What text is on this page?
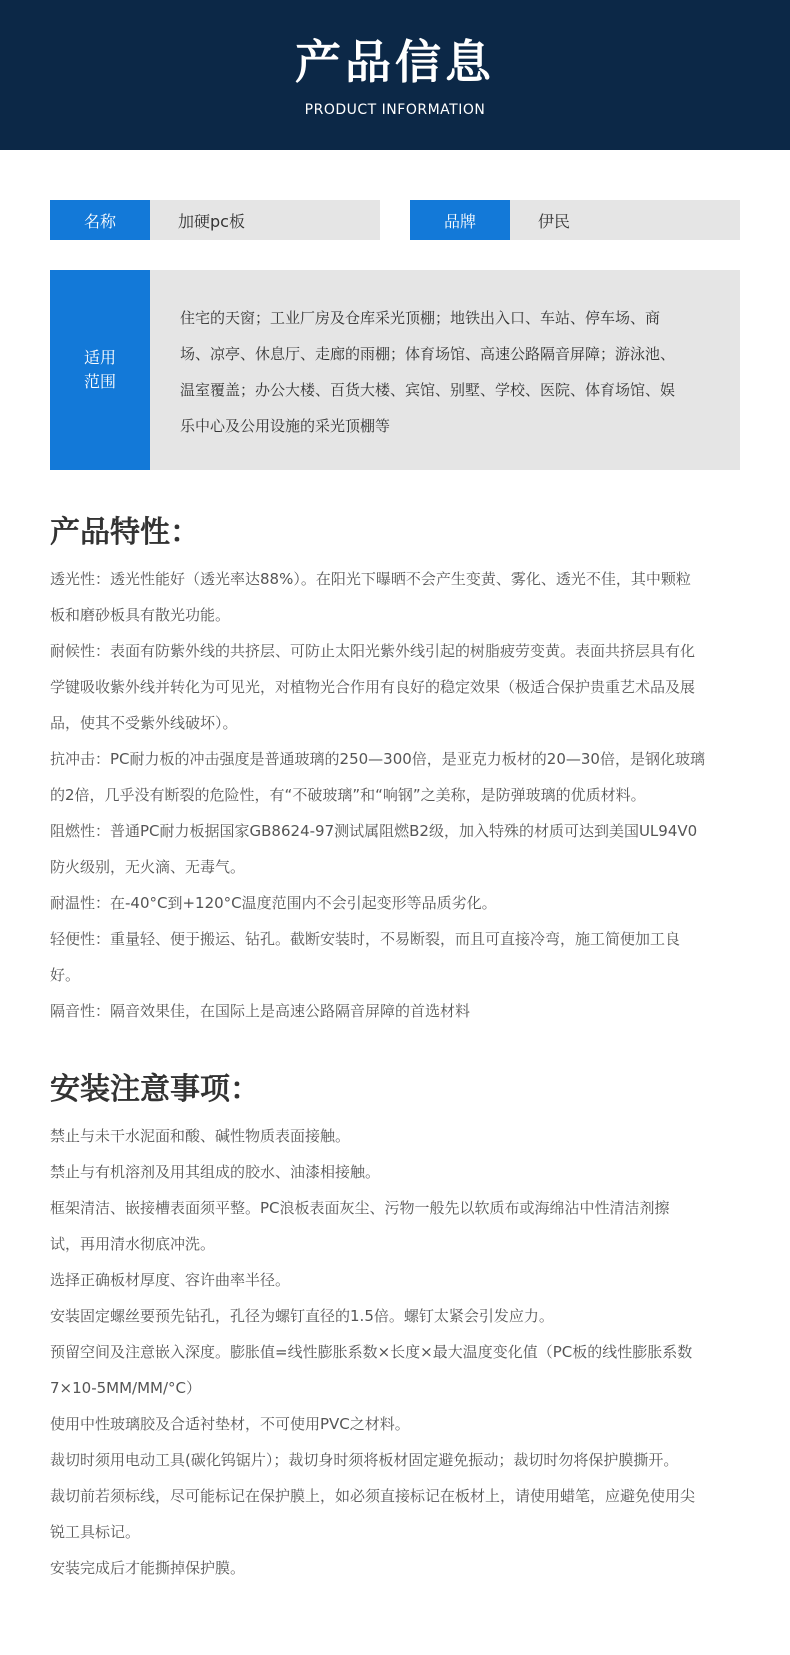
产品信息
PRODUCT INFORMATION
名称	加硬pc板	品牌	伊民
适用
范围
住宅的天窗；工业厂房及仓库采光顶棚；地铁出入口、车站、停车场、商
场、凉亭、休息厅、走廊的雨棚；体育场馆、高速公路隔音屏障；游泳池、
温室覆盖；办公大楼、百货大楼、宾馆、别墅、学校、医院、体育场馆、娱
乐中心及公用设施的采光顶棚等
产品特性：

透光性：透光性能好（透光率达88%）。在阳光下曝晒不会产生变黄、雾化、透光不佳，其中颗粒

板和磨砂板具有散光功能。

耐候性：表面有防紫外线的共挤层、可防止太阳光紫外线引起的树脂疲劳变黄。表面共挤层具有化

学键吸收紫外线并转化为可见光，对植物光合作用有良好的稳定效果（极适合保护贵重艺术品及展

品，使其不受紫外线破坏）。

抗冲击：PC耐力板的冲击强度是普通玻璃的250—300倍，是亚克力板材的20—30倍，是钢化玻璃

的2倍，几乎没有断裂的危险性，有“不破玻璃”和“响钢”之美称，是防弹玻璃的优质材料。

阻燃性：普通PC耐力板据国家GB8624-97测试属阻燃B2级，加入特殊的材质可达到美国UL94V0

防火级别，无火滴、无毒气。

耐温性：在-40°C到+120°C温度范围内不会引起变形等品质劣化。

轻便性：重量轻、便于搬运、钻孔。截断安装时，不易断裂，而且可直接冷弯，施工简便加工良

好。

隔音性：隔音效果佳，在国际上是高速公路隔音屏障的首选材料

安装注意事项：

禁止与未干水泥面和酸、碱性物质表面接触。

禁止与有机溶剂及用其组成的胶水、油漆相接触。

框架清洁、嵌接槽表面须平整。PC浪板表面灰尘、污物一般先以软质布或海绵沾中性清洁剂擦

试，再用清水彻底冲洗。

选择正确板材厚度、容许曲率半径。

安装固定螺丝要预先钻孔，孔径为螺钉直径的1.5倍。螺钉太紧会引发应力。

预留空间及注意嵌入深度。膨胀值=线性膨胀系数×长度×最大温度变化值（PC板的线性膨胀系数

7×10-5MM/MM/°C）

使用中性玻璃胶及合适衬垫材，不可使用PVC之材料。

裁切时须用电动工具(碳化钨锯片）；裁切身时须将板材固定避免振动；裁切时勿将保护膜撕开。

裁切前若须标线，尽可能标记在保护膜上，如必须直接标记在板材上，请使用蜡笔，应避免使用尖

锐工具标记。

安装完成后才能撕掉保护膜。
